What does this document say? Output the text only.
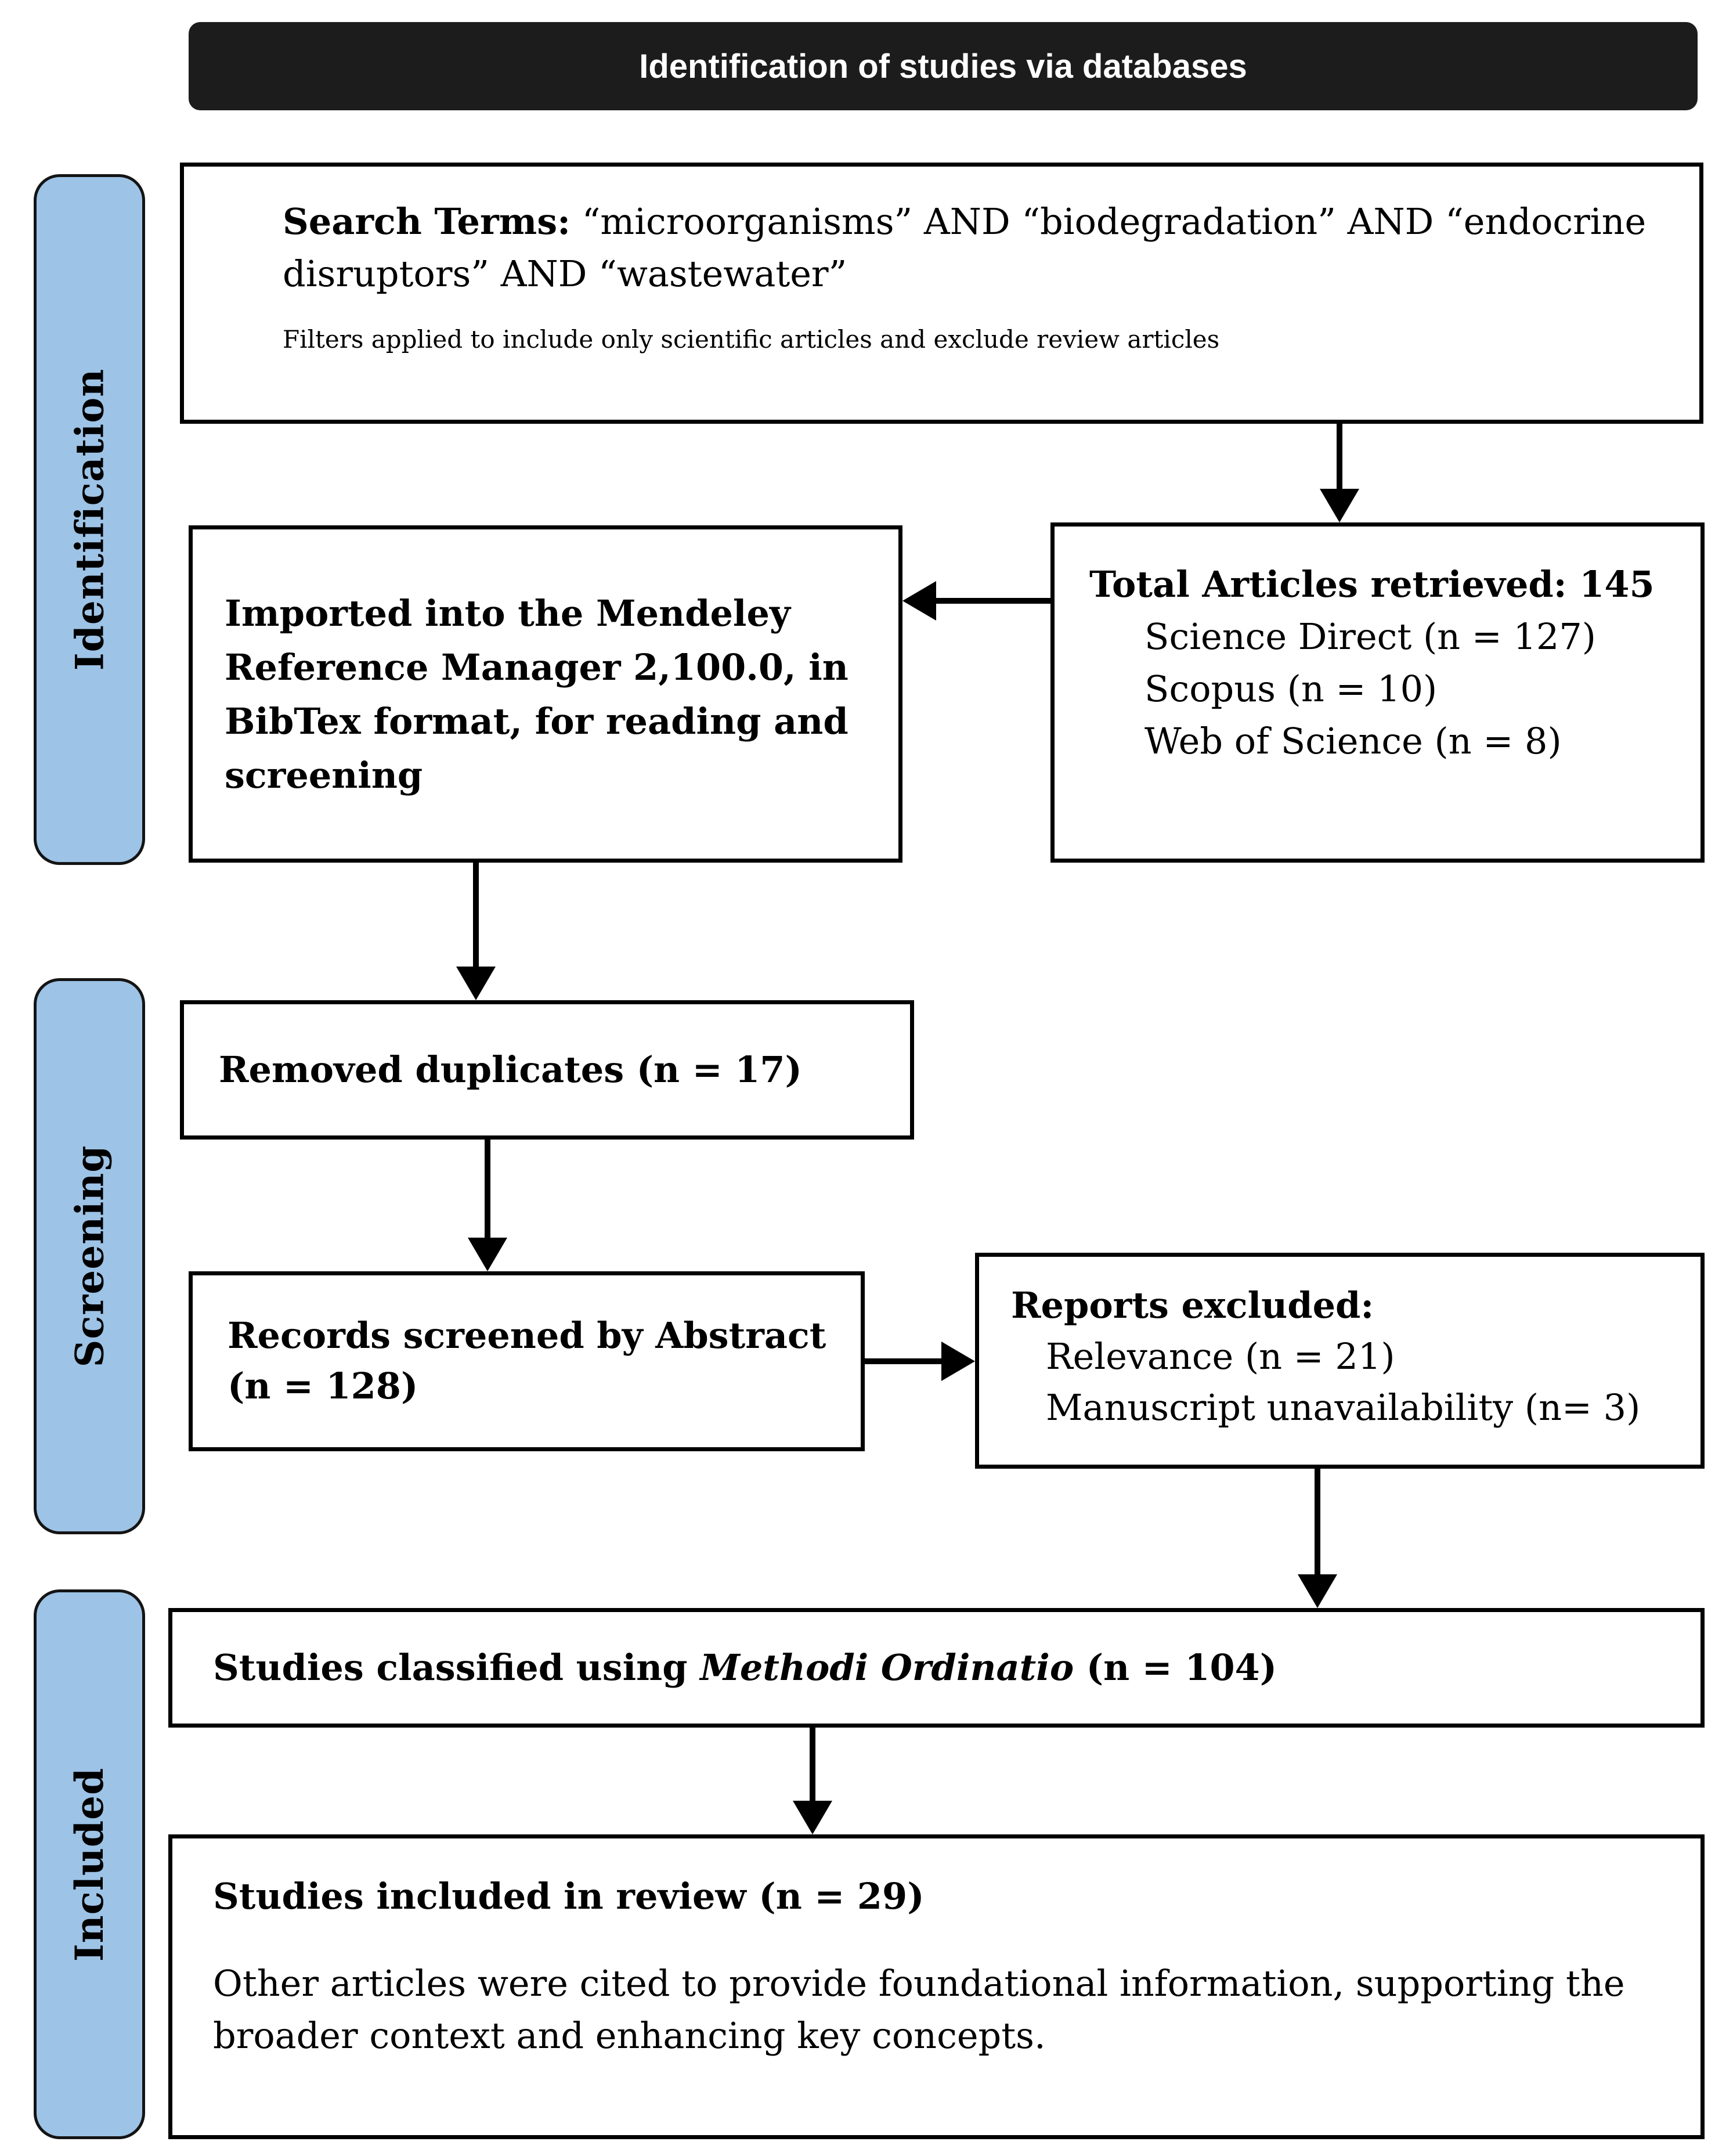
Identification of studies via databases
Identification
Screening
Included
Search Terms: “microorganisms” AND “biodegradation” AND “endocrine disruptors” AND “wastewater”
Filters applied to include only scientific articles and exclude review articles
Total Articles retrieved: 145
Science Direct (n = 127)
Scopus (n = 10)
Web of Science (n = 8)
Imported into the Mendeley Reference Manager 2,100.0, in BibTex format, for reading and screening
Removed duplicates (n = 17)
Records screened by Abstract (n = 128)
Reports excluded:
Relevance (n = 21)
Manuscript unavailability (n= 3)
Studies classified using Methodi Ordinatio (n = 104)
Studies included in review (n = 29)
Other articles were cited to provide foundational information, supporting the broader context and enhancing key concepts.
